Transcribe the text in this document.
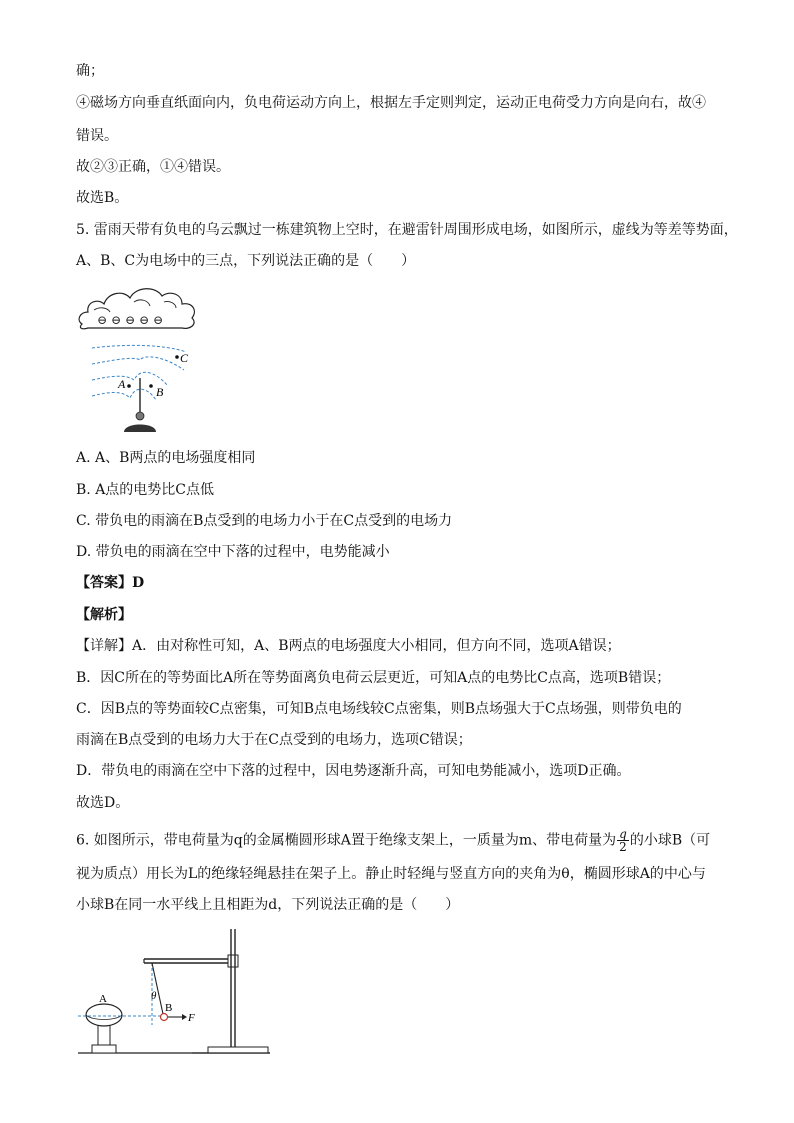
确；
④磁场方向垂直纸面向内，负电荷运动方向上，根据左手定则判定，运动正电荷受力方向是向右，故④
错误。
故②③正确，①④错误。
故选B。
5. 雷雨天带有负电的乌云飘过一栋建筑物上空时，在避雷针周围形成电场，如图所示，虚线为等差等势面，
A、B、C为电场中的三点，下列说法正确的是（　　）
⊖ ⊖ ⊖ ⊖ ⊖
C
A
B
A. A、B两点的电场强度相同
B. A点的电势比C点低
C. 带负电的雨滴在B点受到的电场力小于在C点受到的电场力
D. 带负电的雨滴在空中下落的过程中，电势能减小
【答案】D
【解析】
【详解】A．由对称性可知，A、B两点的电场强度大小相同，但方向不同，选项A错误；
B．因C所在的等势面比A所在等势面离负电荷云层更近，可知A点的电势比C点高，选项B错误；
C．因B点的等势面较C点密集，可知B点电场线较C点密集，则B点场强大于C点场强，则带负电的
雨滴在B点受到的电场力大于在C点受到的电场力，选项C错误；
D．带负电的雨滴在空中下落的过程中，因电势逐渐升高，可知电势能减小，选项D正确。
故选D。
6. 如图所示，带电荷量为q的金属椭圆形球A置于绝缘支架上，一质量为m、带电荷量为 $\frac{q}{2}$ 的小球B（可
视为质点）用长为L的绝缘轻绳悬挂在架子上。静止时轻绳与竖直方向的夹角为θ，椭圆形球A的中心与
小球B在同一水平线上且相距为d，下列说法正确的是（　　）
A	θ
B
F
